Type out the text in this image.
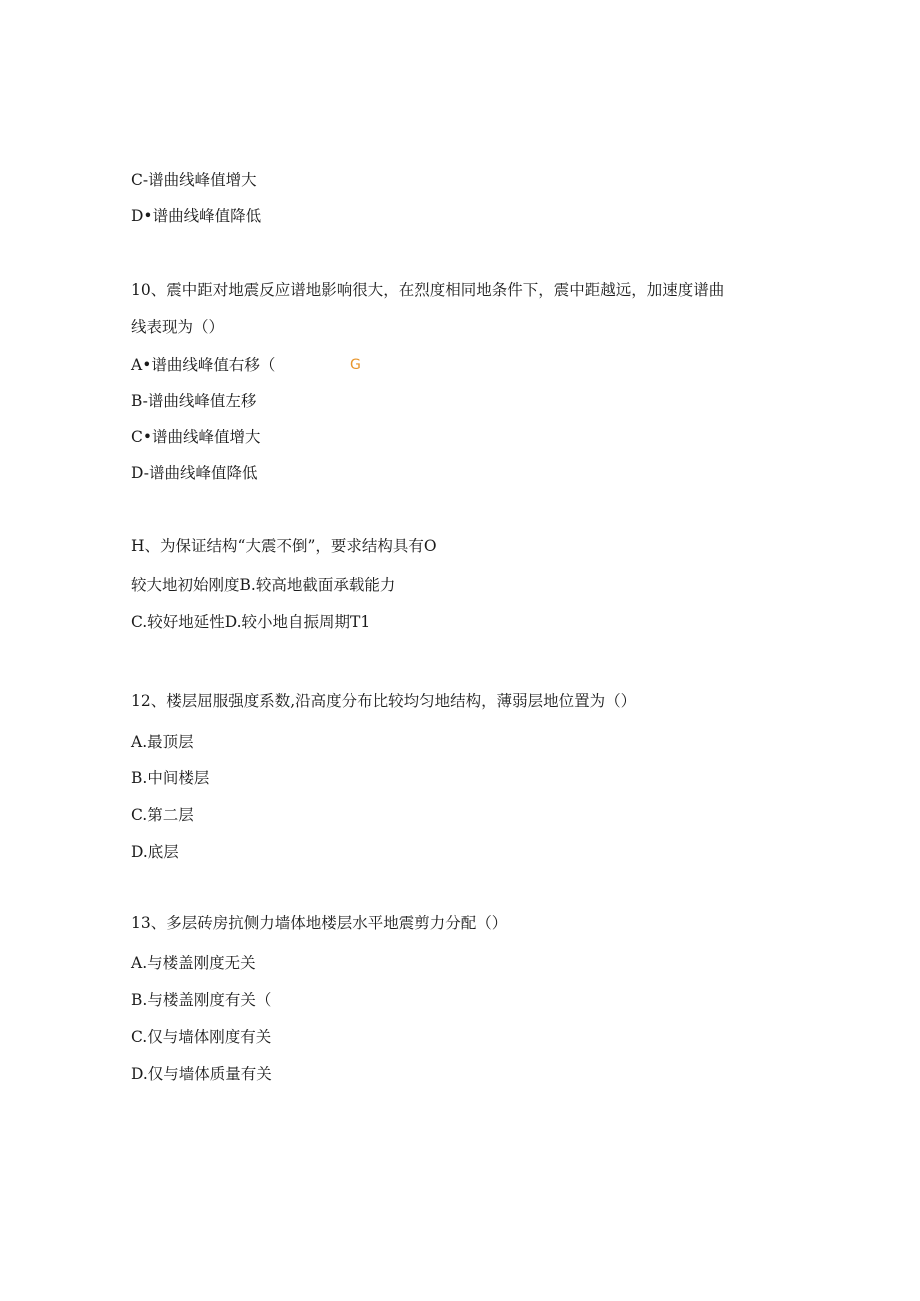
C-谱曲线峰值增大
D•谱曲线峰值降低
10、震中距对地震反应谱地影响很大，在烈度相同地条件下，震中距越远，加速度谱曲
线表现为（）
A•谱曲线峰值右移（	G
B-谱曲线峰值左移
C•谱曲线峰值增大
D-谱曲线峰值降低
H、为保证结构“大震不倒”，要求结构具有O
较大地初始刚度B.较高地截面承载能力
C.较好地延性D.较小地自振周期T1
12、楼层屈服强度系数,沿高度分布比较均匀地结构，薄弱层地位置为（）
A.最顶层
B.中间楼层
C.第二层
D.底层
13、多层砖房抗侧力墙体地楼层水平地震剪力分配（）
A.与楼盖刚度无关
B.与楼盖刚度有关（
C.仅与墙体刚度有关
D.仅与墙体质量有关
